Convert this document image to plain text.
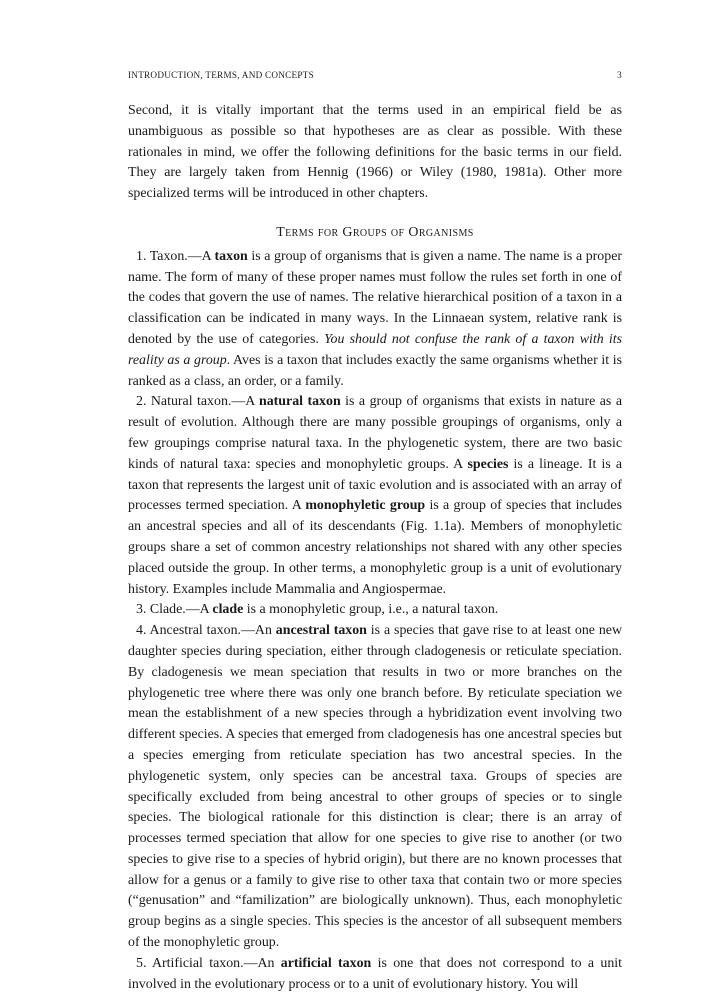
INTRODUCTION, TERMS, AND CONCEPTS	3

Second, it is vitally important that the terms used in an empirical field be as unambiguous as possible so that hypotheses are as clear as possible. With these rationales in mind, we offer the following definitions for the basic terms in our field. They are largely taken from Hennig (1966) or Wiley (1980, 1981a). Other more specialized terms will be introduced in other chapters.

Terms for Groups of Organisms

1. Taxon.—A taxon is a group of organisms that is given a name. The name is a proper name. The form of many of these proper names must follow the rules set forth in one of the codes that govern the use of names. The relative hierarchical position of a taxon in a classification can be indicated in many ways. In the Linnaean system, relative rank is denoted by the use of categories. You should not confuse the rank of a taxon with its reality as a group. Aves is a taxon that includes exactly the same organisms whether it is ranked as a class, an order, or a family.

2. Natural taxon.—A natural taxon is a group of organisms that exists in nature as a result of evolution. Although there are many possible groupings of organisms, only a few groupings comprise natural taxa. In the phylogenetic system, there are two basic kinds of natural taxa: species and monophyletic groups. A species is a lineage. It is a taxon that represents the largest unit of taxic evolution and is associated with an array of processes termed speciation. A monophyletic group is a group of species that includes an ancestral species and all of its descendants (Fig. 1.1a). Members of monophyletic groups share a set of common ancestry relationships not shared with any other species placed outside the group. In other terms, a monophyletic group is a unit of evolutionary history. Examples include Mammalia and Angiospermae.

3. Clade.—A clade is a monophyletic group, i.e., a natural taxon.

4. Ancestral taxon.—An ancestral taxon is a species that gave rise to at least one new daughter species during speciation, either through cladogenesis or reticulate speciation. By cladogenesis we mean speciation that results in two or more branches on the phylogenetic tree where there was only one branch before. By reticulate speciation we mean the establishment of a new species through a hybridization event involving two different species. A species that emerged from cladogenesis has one ancestral species but a species emerging from reticulate speciation has two ancestral species. In the phylogenetic system, only species can be ancestral taxa. Groups of species are specifically excluded from being ancestral to other groups of species or to single species. The biological rationale for this distinction is clear; there is an array of processes termed speciation that allow for one species to give rise to another (or two species to give rise to a species of hybrid origin), but there are no known processes that allow for a genus or a family to give rise to other taxa that contain two or more species (“genusation” and “familization” are biologically unknown). Thus, each monophyletic group begins as a single species. This species is the ancestor of all subsequent members of the monophyletic group.

5. Artificial taxon.—An artificial taxon is one that does not correspond to a unit involved in the evolutionary process or to a unit of evolutionary history. You will
